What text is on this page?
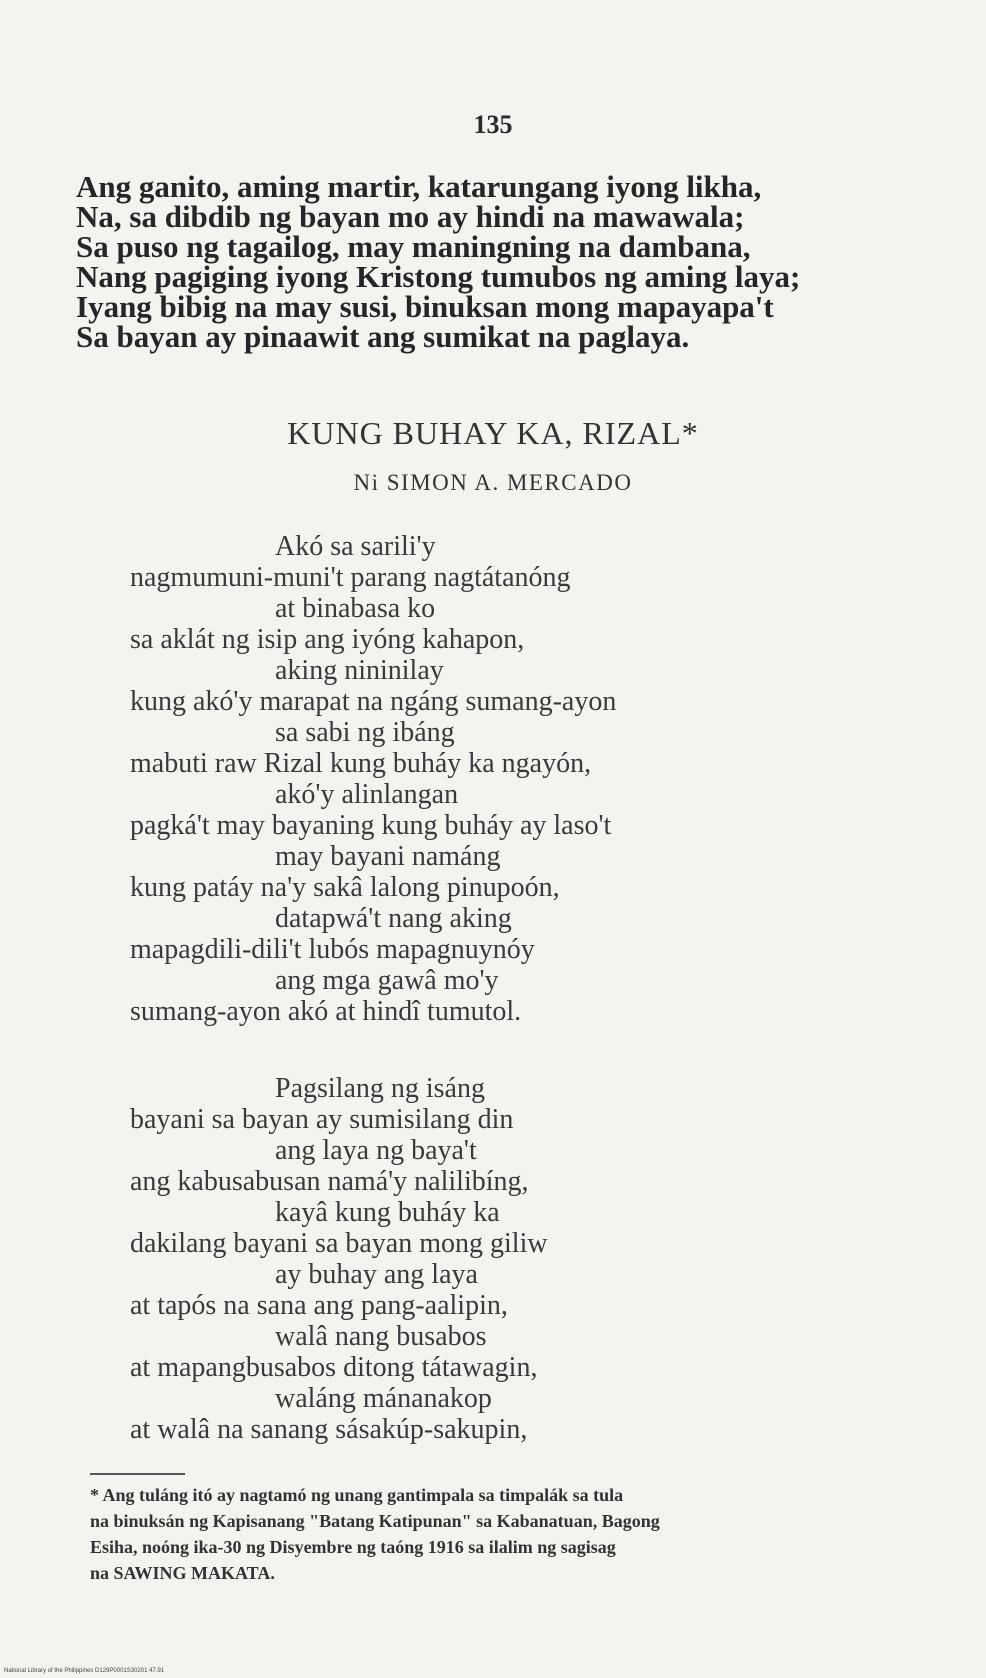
135
Ang ganito, aming martir, katarungang iyong likha,
Na, sa dibdib ng bayan mo ay hindi na mawawala;
Sa puso ng tagailog, may maningning na dambana,
Nang pagiging iyong Kristong tumubos ng aming laya;
Iyang bibig na may susi, binuksan mong mapayapa't
Sa bayan ay pinaawit ang sumikat na paglaya.
KUNG BUHAY KA, RIZAL*
Ni SIMON A. MERCADO
Akó sa sarili'y
nagmumuni-muni't parang nagtátanóng
at binabasa ko
sa aklát ng isip ang iyóng kahapon,
aking nininilay
kung akó'y marapat na ngáng sumang-ayon
sa sabi ng ibáng
mabuti raw Rizal kung buháy ka ngayón,
akó'y alinlangan
pagká't may bayaning kung buháy ay laso't
may bayani namáng
kung patáy na'y sakâ lalong pinupoón,
datapwá't nang aking
mapagdili-dili't lubós mapagnuynóy
ang mga gawâ mo'y
sumang-ayon akó at hindî tumutol.
Pagsilang ng isáng
bayani sa bayan ay sumisilang din
ang laya ng baya't
ang kabusabusan namá'y nalilibíng,
kayâ kung buháy ka
dakilang bayani sa bayan mong giliw
ay buhay ang laya
at tapós na sana ang pang-aalipin,
walâ nang busabos
at mapangbusabos ditong tátawagin,
waláng mánanakop
at walâ na sanang sásakúp-sakupin,
* Ang tuláng itó ay nagtamó ng unang gantimpala sa timpalák sa tula
na binuksán ng Kapisanang "Batang Katipunan" sa Kabanatuan, Bagong
Esiha, noóng ika-30 ng Disyembre ng taóng 1916 sa ilalim ng sagisag
na SAWING MAKATA.
National Library of the Philippines D129P0001S30201 47.91
